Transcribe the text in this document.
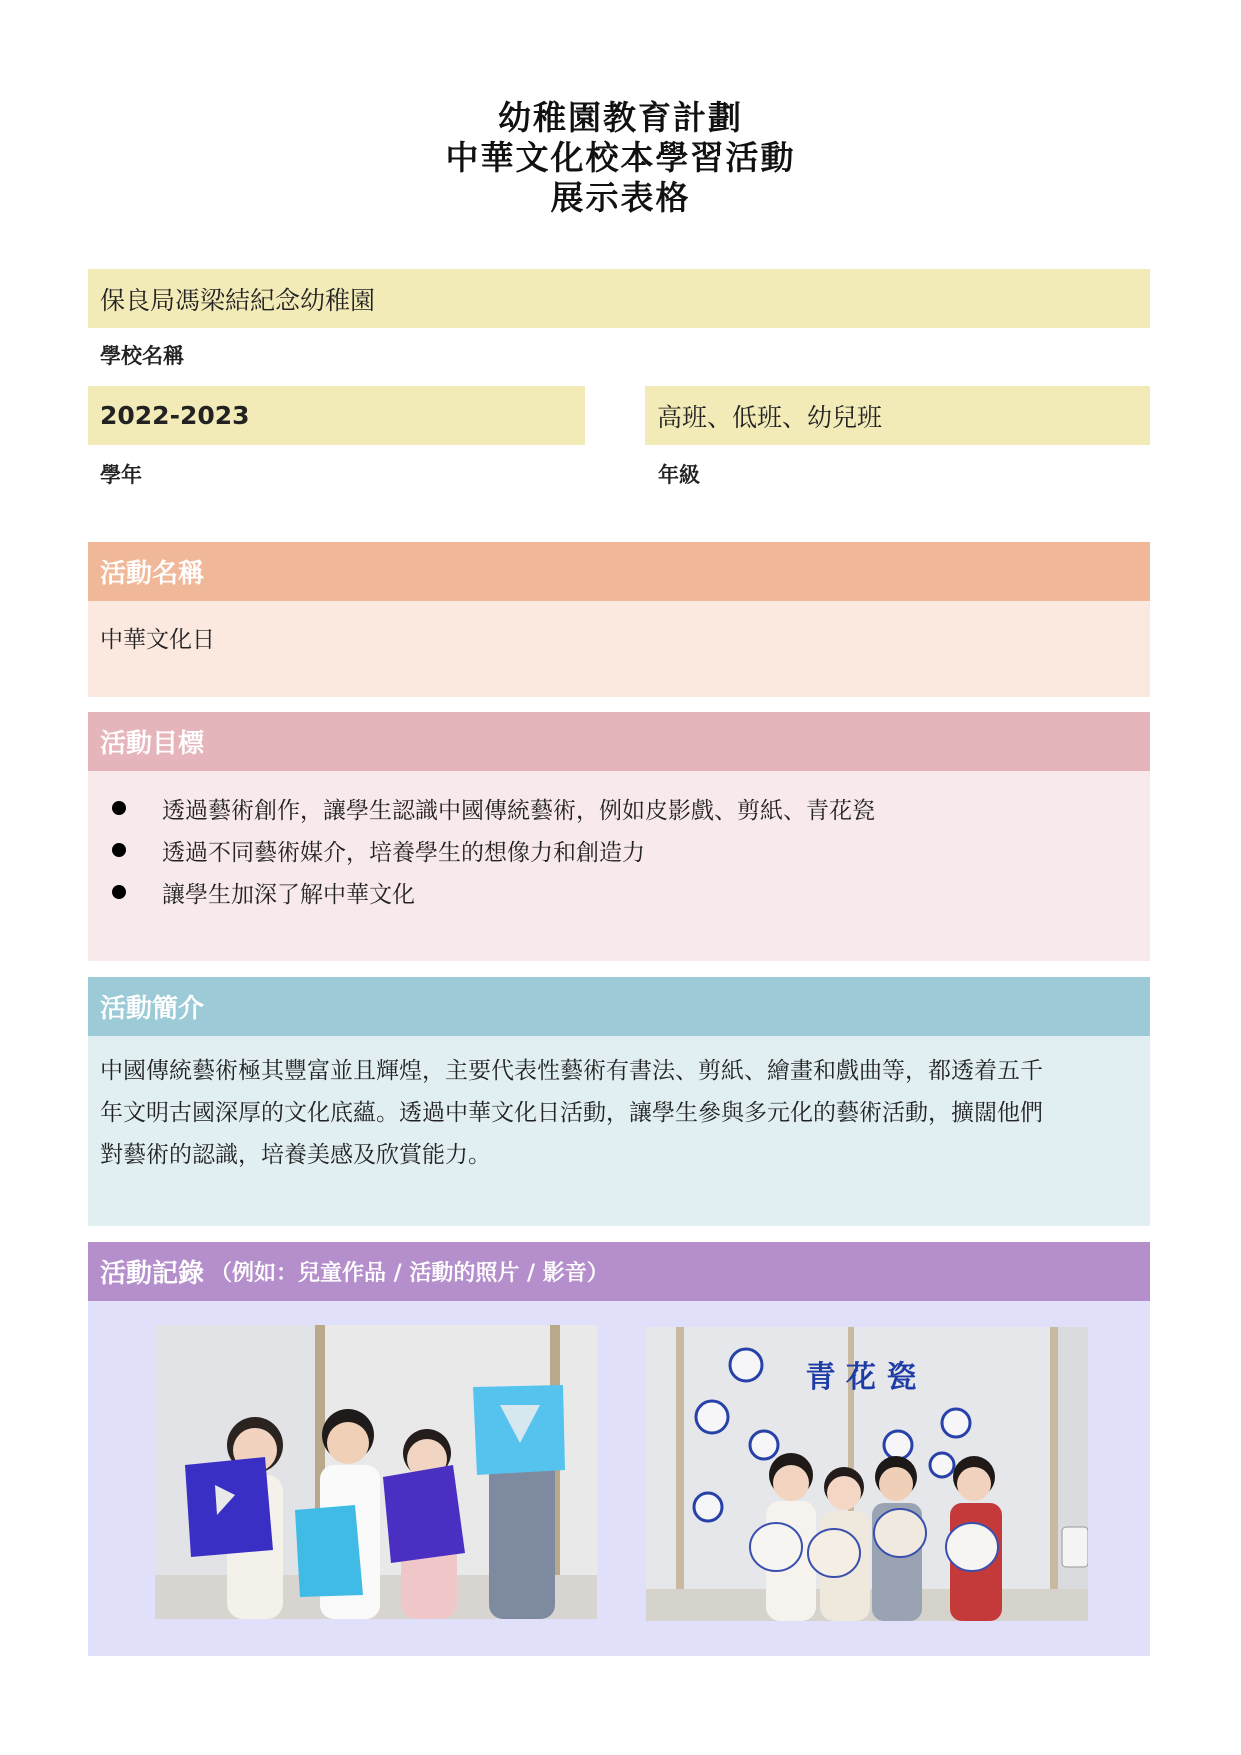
幼稚園教育計劃
中華文化校本學習活動
展示表格
保良局馮梁結紀念幼稚園
學校名稱
2022-2023
學年
高班、低班、幼兒班
年級
活動名稱
中華文化日
活動目標
透過藝術創作，讓學生認識中國傳統藝術，例如皮影戲、剪紙、青花瓷
透過不同藝術媒介，培養學生的想像力和創造力
讓學生加深了解中華文化
活動簡介
中國傳統藝術極其豐富並且輝煌，主要代表性藝術有書法、剪紙、繪畫和戲曲等，都透着五千
年文明古國深厚的文化底蘊。透過中華文化日活動，讓學生參與多元化的藝術活動，擴闊他們
對藝術的認識，培養美感及欣賞能力。
活動記錄 （例如：兒童作品 / 活動的照片 / 影音）
青 花 瓷
